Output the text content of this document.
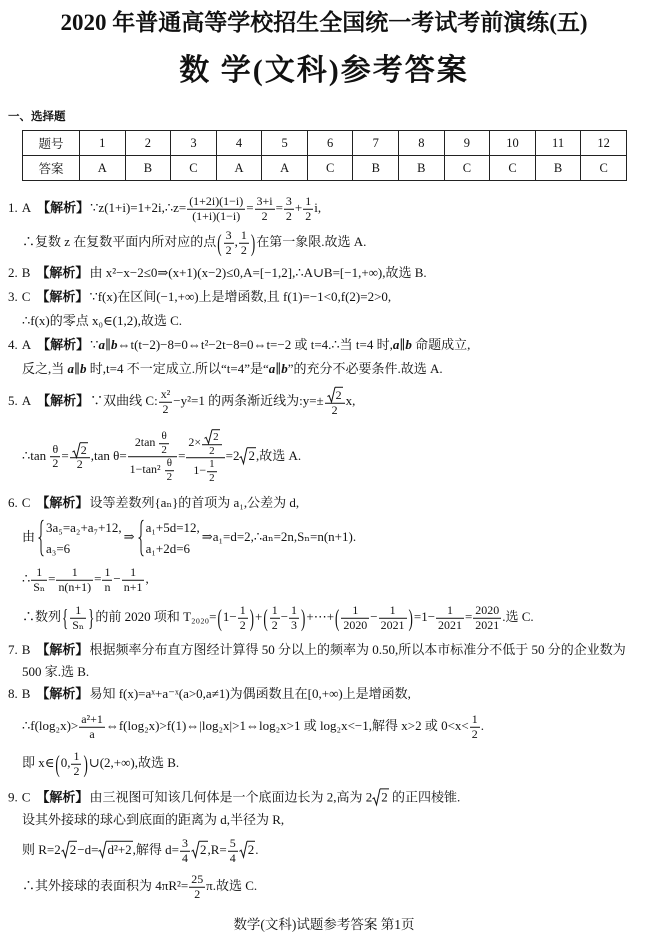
2020 年普通高等学校招生全国统一考试考前演练(五)
数 学(文科)参考答案
一、选择题
题号	1	2	3	4	5	6	7	8	9	10	11	12
答案	A	B	C	A	A	C	B	B	C	C	B	C
1. A 【解析】∵z(1+i)=1+2i,∴z= $\frac{(1+2i)(1-i)}{(1+i)(1-i)} = \frac{3+i}{2} = \frac{3}{2} + \frac{1}{2} i$,
∴复数 z 在复数平面内所对应的点( $\frac{3}{2}$ , $\frac{1}{2}$ )在第一象限.故选 A.
2. B 【解析】由 x²−x−2≤0⇒(x+1)(x−2)≤0,A=[−1,2],∴A∪B=[−1,+∞),故选 B.
3. C 【解析】∵f(x)在区间(−1,+∞)上是增函数,且 f(1)=−1<0,f(2)=2>0,
∴f(x)的零点 x₀∈(1,2),故选 C.
4. A 【解析】∵a∥b⇔t(t−2)−8=0⇔t²−2t−8=0⇔t=−2 或 t=4.∴当 t=4 时,a∥b 命题成立,
反之,当 a∥b 时,t=4 不一定成立.所以“t=4”是“a∥b”的充分不必要条件.故选 A.
5. A 【解析】∵双曲线 C: $\frac{\text{x²}}{2} -y^2=1$ 的两条渐近线为:y=± $\frac{2}{2} x$,
∴tan $\frac{\theta}{2} = \frac{2}{2} ,\tan$ $\theta= \frac{2\tan \frac{\theta}{2}}{1-\tan^2 \frac{\theta}{2}} = \frac{2\times \frac{2}{2}}{1- \frac{1}{2}} =2$ 2,故选 A.
6. C 【解析】设等差数列{aₙ}的首项为 a₁,公差为 d,
由
3a₅=a₂+a₇+12,
a₃=6
⇒
a₁+5d=12,
a₁+2d=6
⇒a₁=d=2,∴aₙ=2n,Sₙ=n(n+1).
∴ $\frac{1}{\text{Sₙ}} = \frac{1}{n(n+1)} = \frac{1}{n} - \frac{1}{n+1}$ ,
∴数列{ $\frac{1}{\text{Sₙ}}$ }的前 2020 项和 $T_{2020}=(1- \frac{1}{2}$ )+( $\frac{1}{2} - \frac{1}{3}$ )+⋯+( $\frac{1}{2020} - \frac{1}{2021} )=1- \frac{1}{2021} = \frac{2020}{2021}$ .选 C.
7. B 【解析】根据频率分布直方图经计算得 50 分以上的频率为 0.50,所以本市标准分不低于 50 分的企业数为
500 家.选 B.
8. B 【解析】易知 f(x)=aˣ+a⁻ˣ(a>0,a≠1)为偶函数且在[0,+∞)上是增函数,
∴f(log₂x)> $\frac{\text{a²+1}}{a}$ ⇔f(log₂x)>f(1)⇔|log₂x|>1⇔log₂x>1 或 log₂x<−1,解得 x>2 或 $0<x< \frac{1}{2}$ .
即 x∈(0, $\frac{1}{2}$ )∪(2,+∞),故选 B.
9. C 【解析】由三视图可知该几何体是一个底面边长为 2,高为 2 2 的正四棱锥.
设其外接球的球心到底面的距离为 d,半径为 R,
则 R=2 2−d= d²+2,解得 $d= \frac{3}{4} 2,R= \frac{5}{4} 2$.
∴其外接球的表面积为 $4\pi R^2= \frac{25}{2} \pi$.故选 C.
数学(文科)试题参考答案 第1页
